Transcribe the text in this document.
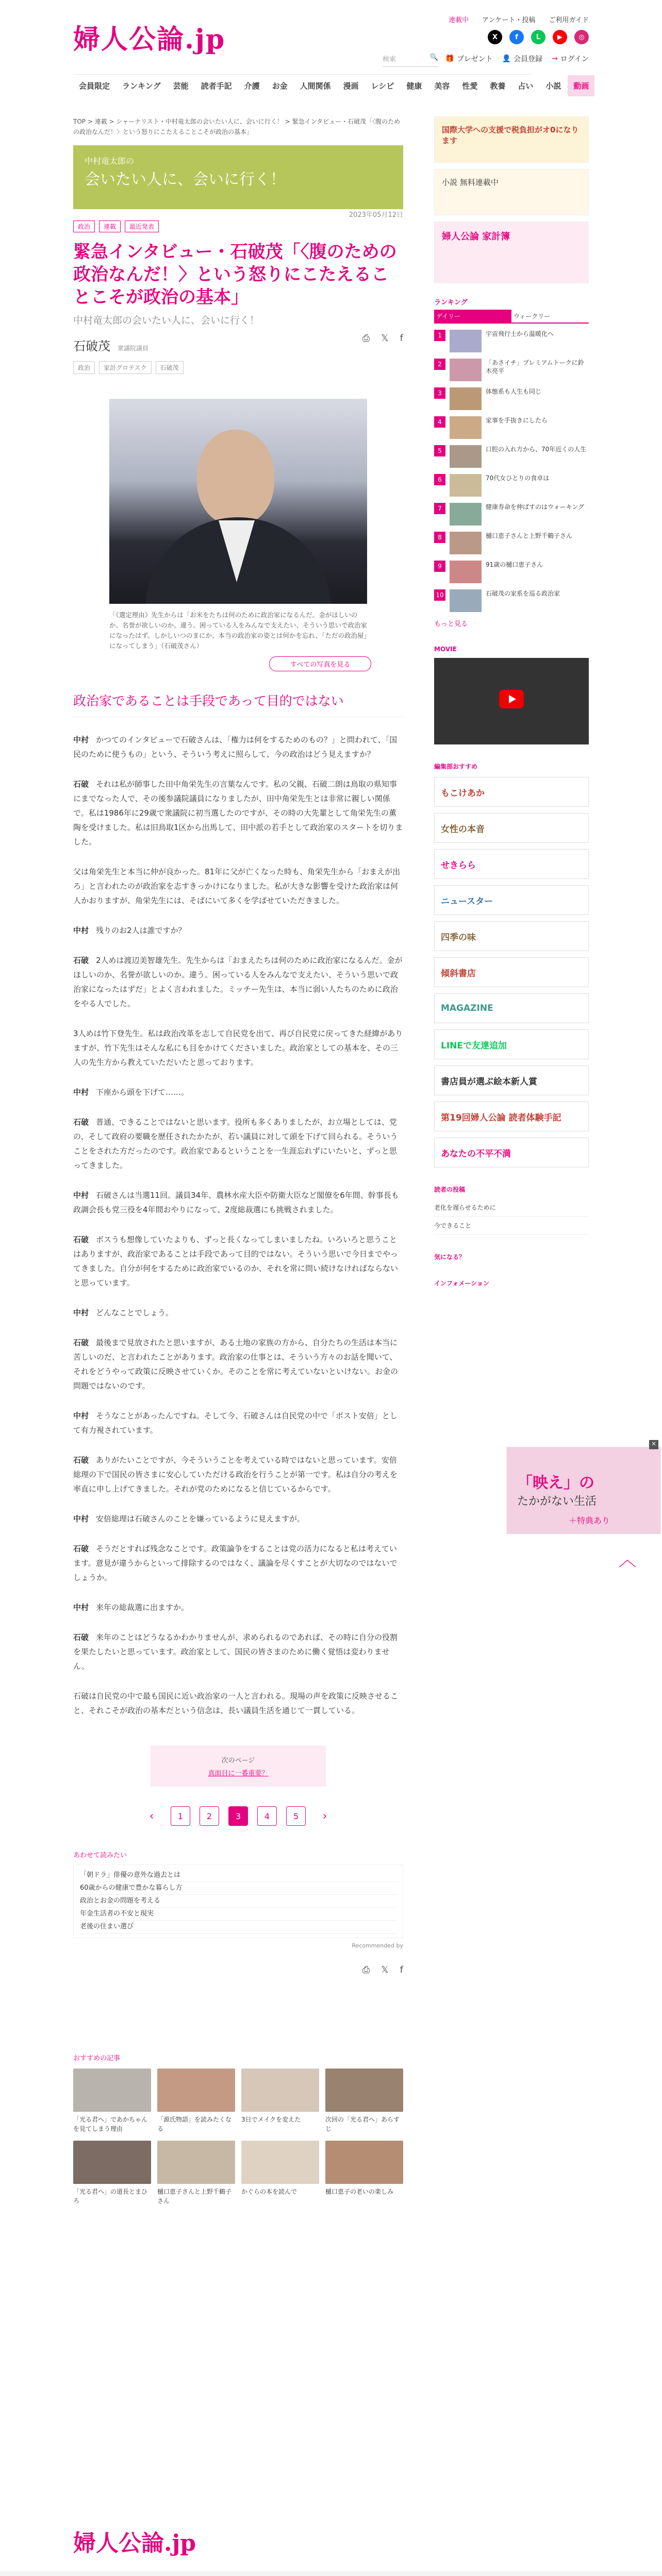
婦人公論.jp
連載中 アンケート・投稿 ご利用ガイド
X	f	L	▶	◎
🎁 プレゼント 👤 会員登録 → ログイン
検索	🔍
会員限定	ランキング	芸能	読者手記	介護	お金	人間関係	漫画	レシピ	健康	美容	性愛	教養	占い	小説	動画
TOP > 連載 > シャーナリスト・中村竜太郎の会いたい人に、会いに行く！ > 緊急インタビュー・石破茂「〈腹のため の政治なんだ！〉という怒りにこたえることこそが政治の基本」
中村竜太郎の
会いたい人に、会いに行く！
政治	連載	最近発表
2023年05月12日
緊急インタビュー・石破茂「〈腹のための政治なんだ！〉という怒りにこたえることこそが政治の基本」
中村竜太郎の会いたい人に、会いに行く！
石破茂 衆議院議員
政治	家計グロテスク	石破茂
⎙ 𝕏 f
「《選定理由》先生からは「お米をたちは何のために政治家になるんだ。金がほしいのか、名誉が欲しいのか。違う。困っている人をみんなで支えたい、そういう思いで政治家になったはず。しかしいつのまにか、本当の政治家の姿とは何かを忘れ、「ただの政治屋」になってしまう」（石破茂さん）
すべての写真を見る
政治家であることは手段であって目的ではない

中村 かつてのインタビューで石破さんは、「権力は何をするためのもの？」と問われて、「国民のために使うもの」という、そういう考えに照らして、今の政治はどう見えますか？

石破 それは私が師事した田中角栄先生の言葉なんです。私の父親、石破二朗は鳥取の県知事にまでなった人で、その後参議院議員になりましたが、田中角栄先生とは非常に親しい関係で。私は1986年に29歳で衆議院に初当選したのですが、その時の大先輩として角栄先生の薫陶を受けました。私は旧鳥取1区から出馬して、田中派の若手として政治家のスタートを切りました。

父は角栄先生と本当に仲が良かった。81年に父が亡くなった時も、角栄先生から「おまえが出ろ」と言われたのが政治家を志すきっかけになりました。私が大きな影響を受けた政治家は何人かおりますが、角栄先生には、そばにいて多くを学ばせていただきました。

中村 残りのお2人は誰ですか？

石破 2人めは渡辺美智雄先生。先生からは「おまえたちは何のために政治家になるんだ。金がほしいのか、名誉が欲しいのか。違う。困っている人をみんなで支えたい、そういう思いで政治家になったはずだ」とよく言われました。ミッチー先生は、本当に弱い人たちのために政治をやる人でした。

3人めは竹下登先生。私は政治改革を志して自民党を出て、再び自民党に戻ってきた経緯がありますが、竹下先生はそんな私にも目をかけてくださいました。政治家としての基本を、その三人の先生方から教えていただいたと思っております。

中村 下座から頭を下げて……。

石破 普通、できることではないと思います。役所も多くありましたが、お立場としては、党の、そして政府の要職を歴任されたかたが、若い議員に対して頭を下げて回られる。そういうことをされた方だったのです。政治家であるということを一生涯忘れずにいたいと、ずっと思ってきました。

中村 石破さんは当選11回。議員34年、農林水産大臣や防衛大臣など閣僚を6年間、幹事長も政調会長も党三役を4年間おやりになって、2度総裁選にも挑戦されました。

石破 ボスうも想像していたよりも、ずっと長くなってしまいましたね。いろいろと思うことはありますが、政治家であることは手段であって目的ではない。そういう思いで今日までやってきました。自分が何をするために政治家でいるのか、それを常に問い続けなければならないと思っています。

中村 どんなことでしょう。

石破 最後まで見放されたと思いますが、ある土地の家族の方から、自分たちの生活は本当に苦しいのだ、と言われたことがあります。政治家の仕事とは、そういう方々のお話を聞いて、それをどうやって政策に反映させていくか。そのことを常に考えていないといけない。お金の問題ではないのです。

中村 そうなことがあったんですね。そして今、石破さんは自民党の中で「ボスト安倍」として有力視されています。

石破 ありがたいことですが、今そういうことを考えている時ではないと思っています。安倍総理の下で国民の皆さまに安心していただける政治を行うことが第一です。私は自分の考えを率直に申し上げてきました。それが党のためになると信じているからです。

中村 安倍総理は石破さんのことを嫌っているように見えますが。

石破 そうだとすれば残念なことです。政策論争をすることは党の活力になると私は考えています。意見が違うからといって排除するのではなく、議論を尽くすことが大切なのではないでしょうか。

中村 来年の総裁選に出ますか。

石破 来年のことはどうなるかわかりませんが、求められるのであれば、その時に自分の役割を果たしたいと思っています。政治家として、国民の皆さまのために働く覚悟は変わりません。

石破は自民党の中で最も国民に近い政治家の一人と言われる。現場の声を政策に反映させること、それこそが政治の基本だという信念は、長い議員生活を通じて一貫している。

次のページ
真面目に一番重要？
‹	1	2	3	4	5	›
あわせて読みたい
「朝ドラ」俳優の意外な過去とは
60歳からの健康で豊かな暮らし方
政治とお金の問題を考える
年金生活者の不安と現実
老後の住まい選び
Recommended by
⎙ 𝕏 f
おすすめの記事

「光る君へ」であかちゃんを見てしまう理由

「源氏物語」を読みたくなる

3日でメイクを変えた	次回の「光る君へ」あらすじ

「光る君へ」の道長とまひろ

樋口恵子さんと上野千鶴子さん

かぐらの本を読んで	樋口恵子の老いの楽しみ

国際大学への支援で税負担がオ0になります
小説 無料連載中
婦人公論 家計簿
ランキング
デイリー	ウィークリー
1	宇宙飛行士から温暖化へ

2	「あさイチ」プレミアムトークに鈴木亮平

3	体態系も人生も同じ

4	家事を手抜きにしたら

5	口腔の入れ方から、70年近くの人生

6	70代女ひとりの食卓は

7	健康寿命を伸ばすのはウォーキング

8	樋口恵子さんと上野千鶴子さん

9	91歳の樋口恵子さん

10	石破茂の家系を巡る政治家

もっと見る
MOVIE
編集部おすすめ
もこけあか
女性の本音
せきらら
ニュースター
四季の味
傾斜書店
MAGAZINE
LINEで友達追加
書店員が選ぶ絵本新人賞
第19回婦人公論 読者体験手記
あなたの不平不満
読者の投稿
老化を遅らせるために
今できること
気になる？
インフォメーション
×
「映え」の
たかがない生活
＋特典あり
︿
婦人公論.jp
